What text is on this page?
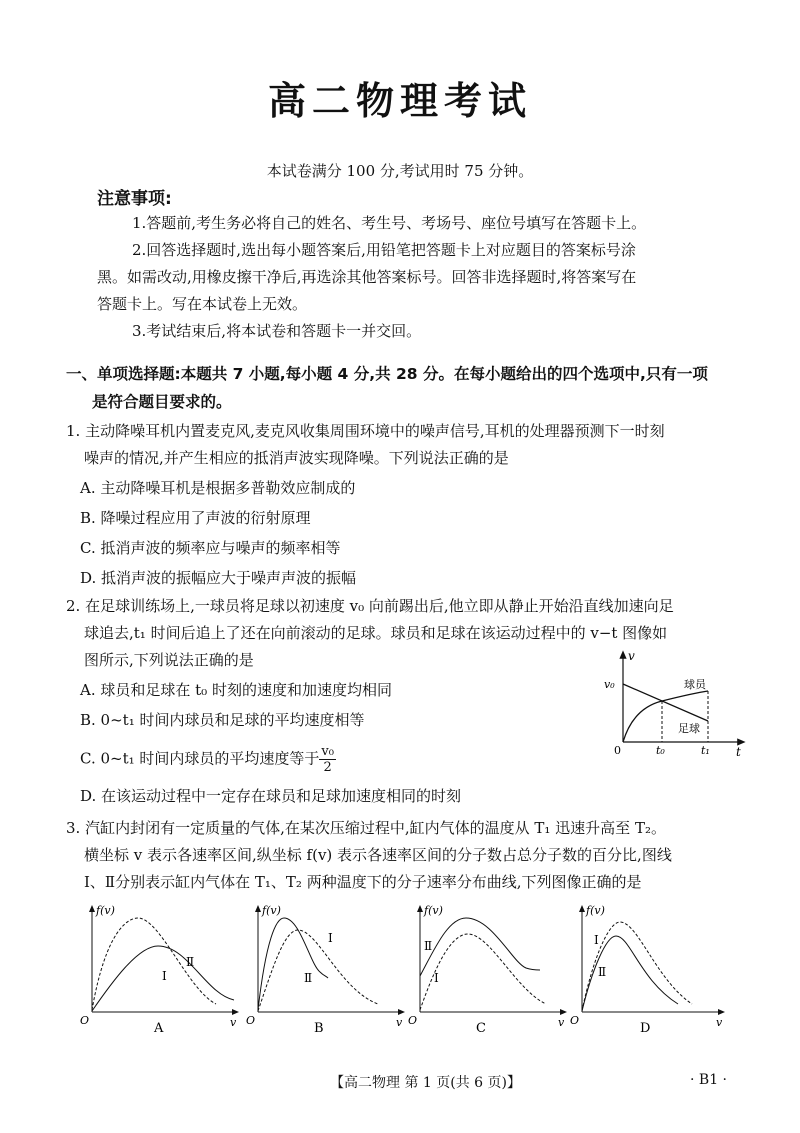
高二物理考试
本试卷满分 100 分,考试用时 75 分钟。
注意事项:
1.答题前,考生务必将自己的姓名、考生号、考场号、座位号填写在答题卡上。
2.回答选择题时,选出每小题答案后,用铅笔把答题卡上对应题目的答案标号涂
黑。如需改动,用橡皮擦干净后,再选涂其他答案标号。回答非选择题时,将答案写在
答题卡上。写在本试卷上无效。
3.考试结束后,将本试卷和答题卡一并交回。
一、单项选择题:本题共 7 小题,每小题 4 分,共 28 分。在每小题给出的四个选项中,只有一项
是符合题目要求的。
1. 主动降噪耳机内置麦克风,麦克风收集周围环境中的噪声信号,耳机的处理器预测下一时刻
噪声的情况,并产生相应的抵消声波实现降噪。下列说法正确的是
A. 主动降噪耳机是根据多普勒效应制成的
B. 降噪过程应用了声波的衍射原理
C. 抵消声波的频率应与噪声的频率相等
D. 抵消声波的振幅应大于噪声声波的振幅
2. 在足球训练场上,一球员将足球以初速度 v₀ 向前踢出后,他立即从静止开始沿直线加速向足
球追去,t₁ 时间后追上了还在向前滚动的足球。球员和足球在该运动过程中的 v−t 图像如
图所示,下列说法正确的是
A. 球员和足球在 t₀ 时刻的速度和加速度均相同
B. 0~t₁ 时间内球员和足球的平均速度相等
C. 0~t₁ 时间内球员的平均速度等于 $\frac{\text{v₀}}{2}$
D. 在该运动过程中一定存在球员和足球加速度相同的时刻
v
t
0
v₀
t₀	t₁
球员
足球
3. 汽缸内封闭有一定质量的气体,在某次压缩过程中,缸内气体的温度从 T₁ 迅速升高至 T₂。
横坐标 v 表示各速率区间,纵坐标 f(v) 表示各速率区间的分子数占总分子数的百分比,图线
Ⅰ、Ⅱ分别表示缸内气体在 T₁、T₂ 两种温度下的分子速率分布曲线,下列图像正确的是
f(v)
v
O
Ⅰ
Ⅱ
A
f(v)
v
O
Ⅰ
Ⅱ
B
f(v)
v
O
Ⅰ
Ⅱ
C
f(v)
v
O
Ⅰ
Ⅱ
D
【高二物理 第 1 页(共 6 页)】	· B1 ·
